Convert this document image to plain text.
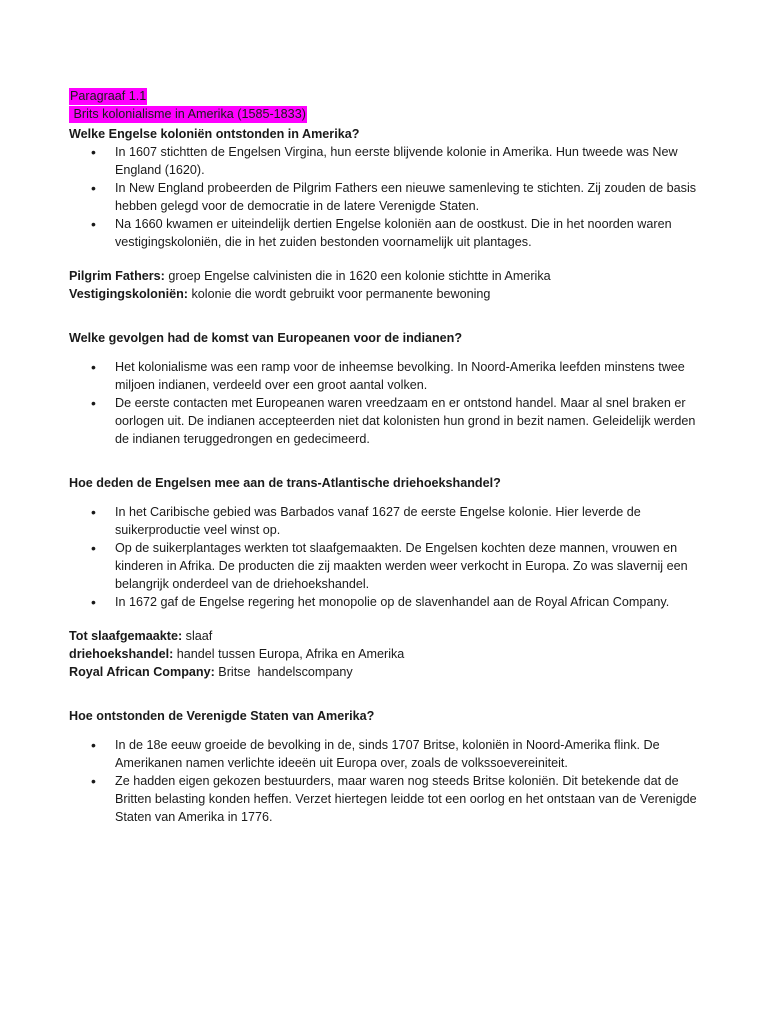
Paragraaf 1.1
Brits kolonialisme in Amerika (1585-1833)
Welke Engelse koloniën ontstonden in Amerika?
• In 1607 stichtten de Engelsen Virgina, hun eerste blijvende kolonie in Amerika. Hun tweede was New England (1620).
• In New England probeerden de Pilgrim Fathers een nieuwe samenleving te stichten. Zij zouden de basis hebben gelegd voor de democratie in de latere Verenigde Staten.
• Na 1660 kwamen er uiteindelijk dertien Engelse koloniën aan de oostkust. Die in het noorden waren vestigingskoloniën, die in het zuiden bestonden voornamelijk uit plantages.
Pilgrim Fathers: groep Engelse calvinisten die in 1620 een kolonie stichtte in Amerika
Vestigingskoloniën: kolonie die wordt gebruikt voor permanente bewoning
Welke gevolgen had de komst van Europeanen voor de indianen?
• Het kolonialisme was een ramp voor de inheemse bevolking. In Noord-Amerika leefden minstens twee miljoen indianen, verdeeld over een groot aantal volken.
• De eerste contacten met Europeanen waren vreedzaam en er ontstond handel. Maar al snel braken er oorlogen uit. De indianen accepteerden niet dat kolonisten hun grond in bezit namen. Geleidelijk werden de indianen teruggedrongen en gedecimeerd.
Hoe deden de Engelsen mee aan de trans-Atlantische driehoekshandel?
• In het Caribische gebied was Barbados vanaf 1627 de eerste Engelse kolonie. Hier leverde de suikerproductie veel winst op.
• Op de suikerplantages werkten tot slaafgemaakten. De Engelsen kochten deze mannen, vrouwen en kinderen in Afrika. De producten die zij maakten werden weer verkocht in Europa. Zo was slavernij een belangrijk onderdeel van de driehoekshandel.
• In 1672 gaf de Engelse regering het monopolie op de slavenhandel aan de Royal African Company.
Tot slaafgemaakte: slaaf
driehoekshandel: handel tussen Europa, Afrika en Amerika
Royal African Company: Britse  handelscompany
Hoe ontstonden de Verenigde Staten van Amerika?
• In de 18e eeuw groeide de bevolking in de, sinds 1707 Britse, koloniën in Noord-Amerika flink. De Amerikanen namen verlichte ideeën uit Europa over, zoals de volkssoevereiniteit.
• Ze hadden eigen gekozen bestuurders, maar waren nog steeds Britse koloniën. Dit betekende dat de Britten belasting konden heffen. Verzet hiertegen leidde tot een oorlog en het ontstaan van de Verenigde Staten van Amerika in 1776.
